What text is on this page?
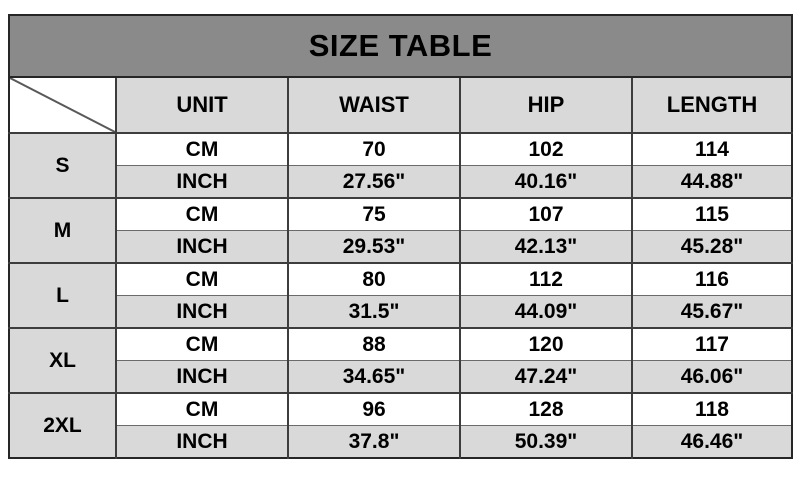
SIZE TABLE				

	UNIT	WAIST	HIP	LENGTH
S	CM	70	102	114
	INCH	27.56"	40.16"	44.88"
M	CM	75	107	115
	INCH	29.53"	42.13"	45.28"
L	CM	80	112	116
	INCH	31.5"	44.09"	45.67"
XL	CM	88	120	117
	INCH	34.65"	47.24"	46.06"
2XL	CM	96	128	118
	INCH	37.8"	50.39"	46.46"
